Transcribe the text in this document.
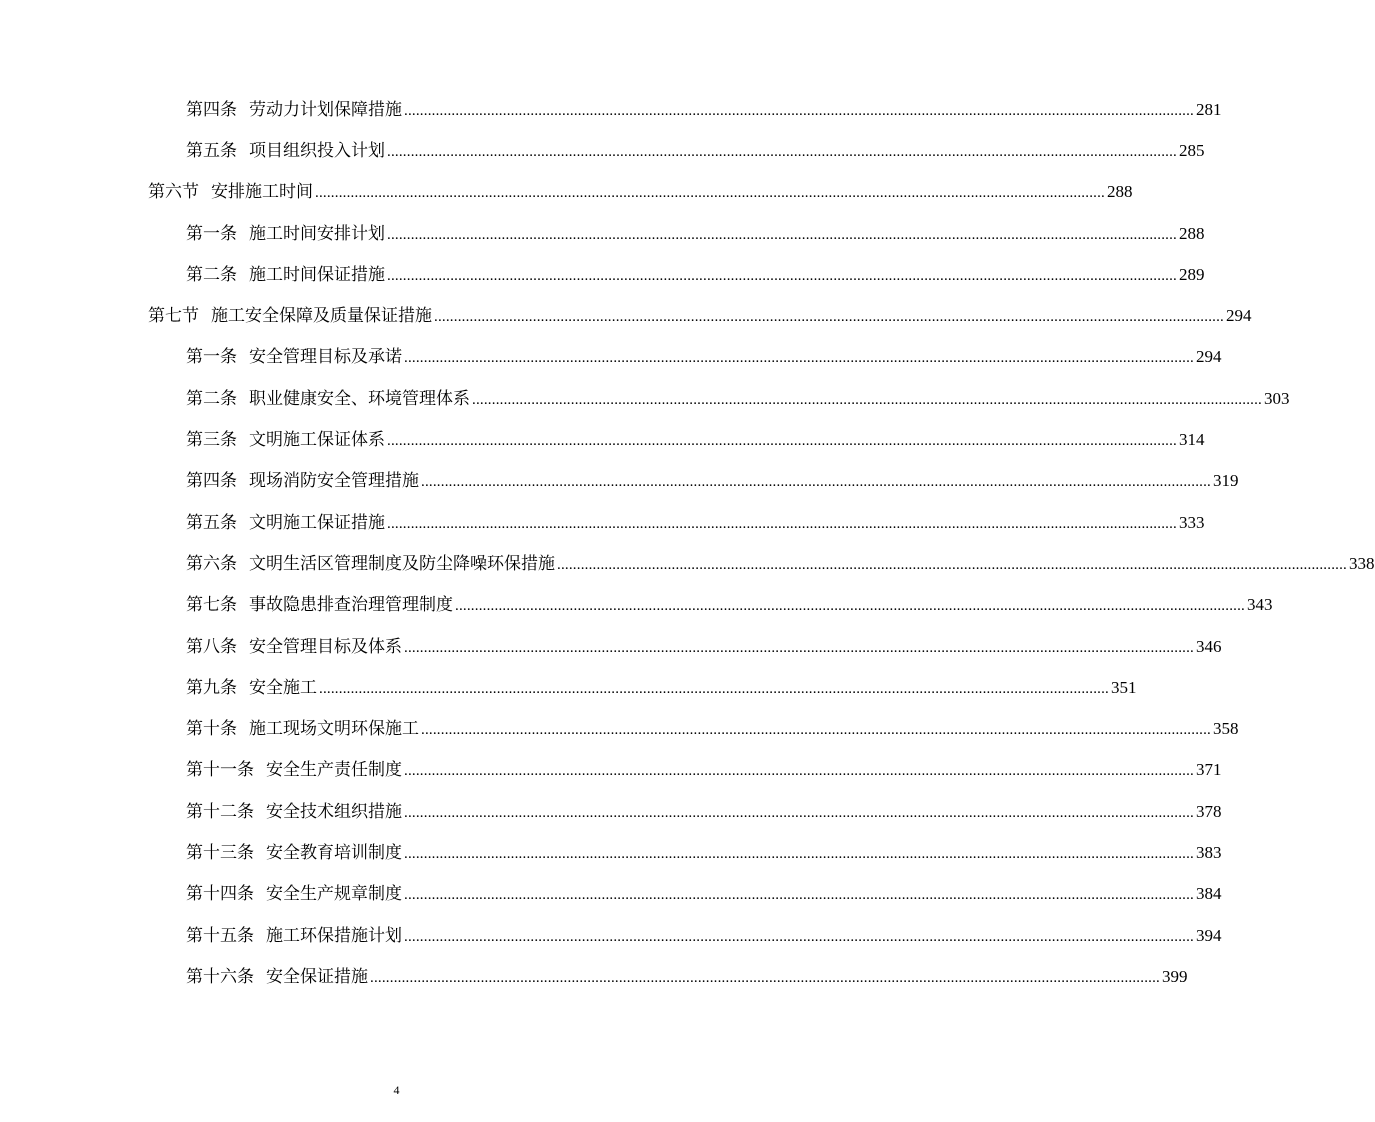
第四条 劳动力计划保障措施 ........................................................................................................................................................................................................ 281
第五条 项目组织投入计划 ........................................................................................................................................................................................................ 285
第六节 安排施工时间 ........................................................................................................................................................................................................ 288
第一条 施工时间安排计划 ........................................................................................................................................................................................................ 288
第二条 施工时间保证措施 ........................................................................................................................................................................................................ 289
第七节 施工安全保障及质量保证措施 ........................................................................................................................................................................................................ 294
第一条 安全管理目标及承诺 ........................................................................................................................................................................................................ 294
第二条 职业健康安全、环境管理体系 ........................................................................................................................................................................................................ 303
第三条 文明施工保证体系 ........................................................................................................................................................................................................ 314
第四条 现场消防安全管理措施 ........................................................................................................................................................................................................ 319
第五条 文明施工保证措施 ........................................................................................................................................................................................................ 333
第六条 文明生活区管理制度及防尘降噪环保措施 ........................................................................................................................................................................................................ 338
第七条 事故隐患排查治理管理制度 ........................................................................................................................................................................................................ 343
第八条 安全管理目标及体系 ........................................................................................................................................................................................................ 346
第九条 安全施工 ........................................................................................................................................................................................................ 351
第十条 施工现场文明环保施工 ........................................................................................................................................................................................................ 358
第十一条 安全生产责任制度 ........................................................................................................................................................................................................ 371
第十二条 安全技术组织措施 ........................................................................................................................................................................................................ 378
第十三条 安全教育培训制度 ........................................................................................................................................................................................................ 383
第十四条 安全生产规章制度 ........................................................................................................................................................................................................ 384
第十五条 施工环保措施计划 ........................................................................................................................................................................................................ 394
第十六条 安全保证措施 ........................................................................................................................................................................................................ 399
4
